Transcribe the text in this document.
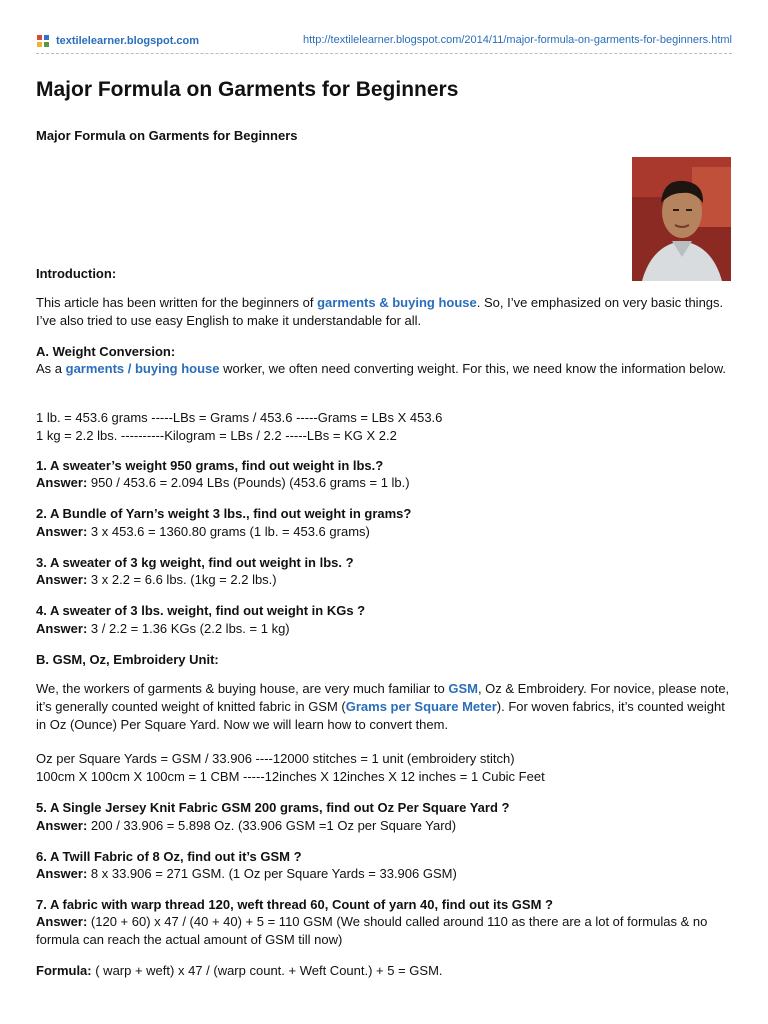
textilelearner.blogspot.com	http://textilelearner.blogspot.com/2014/11/major-formula-on-garments-for-beginners.html
Major Formula on Garments for Beginners
Major Formula on Garments for Beginners
Introduction:
This article has been written for the beginners of garments & buying house. So, I’ve emphasized on very basic things. I’ve also tried to use easy English to make it understandable for all.
A. Weight Conversion:
As a garments / buying house worker, we often need converting weight. For this, we need know the information below.
1 lb. = 453.6 grams -----LBs = Grams / 453.6 -----Grams = LBs X 453.6
1 kg = 2.2 lbs. ----------Kilogram = LBs / 2.2 -----LBs = KG X 2.2
1. A sweater’s weight 950 grams, find out weight in lbs.?
Answer: 950 / 453.6 = 2.094 LBs (Pounds) (453.6 grams = 1 lb.)
2. A Bundle of Yarn’s weight 3 lbs., find out weight in grams?
Answer: 3 x 453.6 = 1360.80 grams (1 lb. = 453.6 grams)
3. A sweater of 3 kg weight, find out weight in lbs. ?
Answer: 3 x 2.2 = 6.6 lbs. (1kg = 2.2 lbs.)
4. A sweater of 3 lbs. weight, find out weight in KGs ?
Answer: 3 / 2.2 = 1.36 KGs (2.2 lbs. = 1 kg)
B. GSM, Oz, Embroidery Unit:
We, the workers of garments & buying house, are very much familiar to GSM, Oz & Embroidery. For novice, please note, it’s generally counted weight of knitted fabric in GSM (Grams per Square Meter). For woven fabrics, it’s counted weight in Oz (Ounce) Per Square Yard. Now we will learn how to convert them.
Oz per Square Yards = GSM / 33.906 ----12000 stitches = 1 unit (embroidery stitch)
100cm X 100cm X 100cm = 1 CBM -----12inches X 12inches X 12 inches = 1 Cubic Feet
5. A Single Jersey Knit Fabric GSM 200 grams, find out Oz Per Square Yard ?
Answer: 200 / 33.906 = 5.898 Oz. (33.906 GSM =1 Oz per Square Yard)
6. A Twill Fabric of 8 Oz, find out it’s GSM ?
Answer: 8 x 33.906 = 271 GSM. (1 Oz per Square Yards = 33.906 GSM)
7. A fabric with warp thread 120, weft thread 60, Count of yarn 40, find out its GSM ?
Answer: (120 + 60) x 47 / (40 + 40) + 5 = 110 GSM (We should called around 110 as there are a lot of formulas & no formula can reach the actual amount of GSM till now)
Formula: ( warp + weft) x 47 / (warp count. + Weft Count.) + 5 = GSM.
